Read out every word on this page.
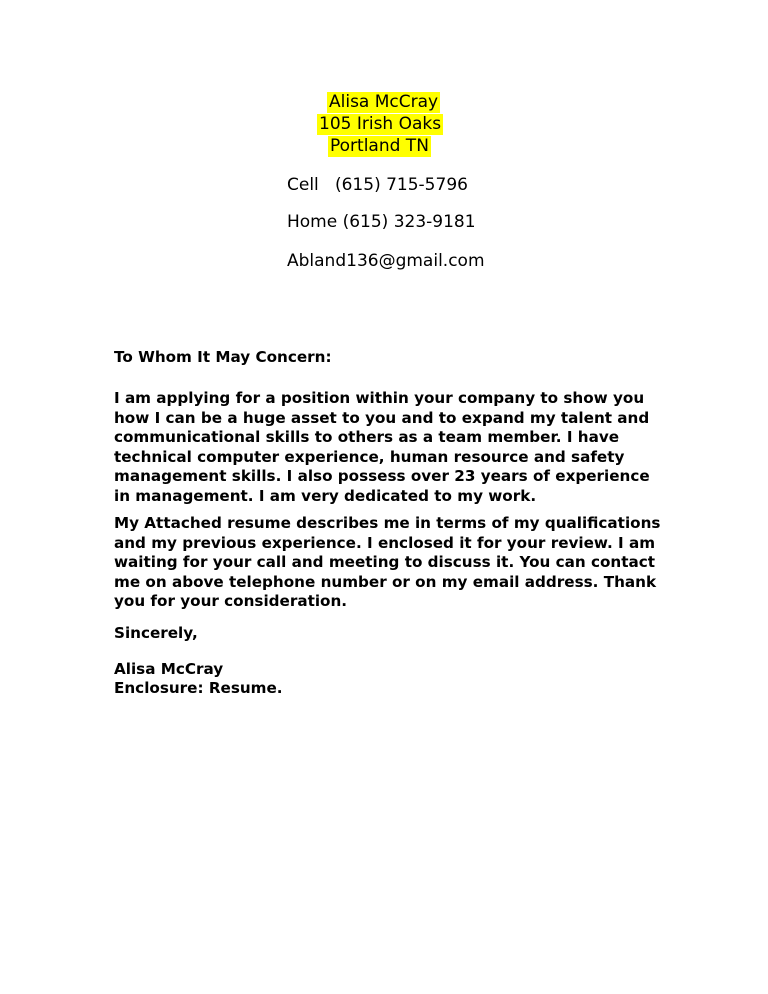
Alisa McCray
105 Irish Oaks
Portland TN
Cell   (615) 715-5796
Home (615) 323-9181
Abland136@gmail.com

To Whom It May Concern:

I am applying for a position within your company to show you
how I can be a huge asset to you and to expand my talent and
communicational skills to others as a team member. I have
technical computer experience, human resource and safety
management skills. I also possess over 23 years of experience
in management. I am very dedicated to my work.

My Attached resume describes me in terms of my qualifications
and my previous experience. I enclosed it for your review. I am
waiting for your call and meeting to discuss it. You can contact
me on above telephone number or on my email address. Thank
you for your consideration.

Sincerely,

Alisa McCray

Enclosure: Resume.
